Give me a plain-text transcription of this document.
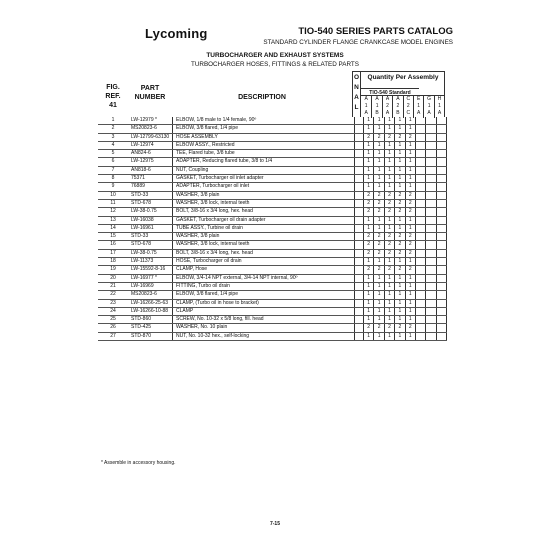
Lycoming	TIO-540 SERIES PARTS CATALOG
STANDARD CYLINDER FLANGE CRANKCASE MODEL ENGINES
TURBOCHARGER AND EXHAUST SYSTEMS
TURBOCHARGER HOSES, FITTINGS & RELATED PARTS
FIG.
REF.
41
PART
NUMBER	DESCRIPTION
O
N
A
L
Quantity Per Assembly
TIO-540 Standard
A
1
A
A
1
B
A
2
A
A
2
B
C
2
C
E
1
A
G
1
A
H
1
A
1	LW-12979 *	ELBOW, 1/8 male to 1/4 female, 90º		1	1	1	1	1			
2	MS20823-6	ELBOW, 3/8 flared, 1/4 pipe		1	1	1	1	1			
3	LW-12799-63130	HOSE ASSEMBLY		2	2	2	2	2			
4	LW-12974	ELBOW ASSY., Restricted		1	1	1	1	1			
5	AN824-6	TEE, Flared tube, 3/8 tube		1	1	1	1	1			
6	LW-12975	ADAPTER, Reducing flared tube, 3/8 to 1/4		1	1	1	1	1			
7	AN818-6	NUT, Coupling		1	1	1	1	1			
8	75371	GASKET, Turbocharger oil inlet adapter		1	1	1	1	1			
9	76889	ADAPTER, Turbocharger oil inlet		1	1	1	1	1			
10	STD-33	WASHER, 3/8 plain		2	2	2	2	2			
11	STD-678	WASHER, 3/8 lock, internal teeth		2	2	2	2	2			
12	LW-38-0.75	BOLT, 3/8-16 x 3/4 long, hex. head		2	2	2	2	2			
13	LW-16038	GASKET, Turbocharger oil drain adapter		1	1	1	1	1			
14	LW-16961	TUBE ASSY., Turbine oil drain		1	1	1	1	1			
15	STD-33	WASHER, 3/8 plain		2	2	2	2	2			
16	STD-678	WASHER, 3/8 lock, internal teeth		2	2	2	2	2			
17	LW-38-0.75	BOLT, 3/8-16 x 3/4 long, hex. head		2	2	2	2	2			
18	LW-11373	HOSE, Turbocharger oil drain		1	1	1	1	1			
19	LW-15592-8-16	CLAMP, Hose		2	2	2	2	2			
20	LW-16977 *	ELBOW, 3/4-14 NPT external, 3/4-14 NPT internal, 90º		1	1	1	1	1			
21	LW-16969	FITTING, Turbo oil drain		1	1	1	1	1			
22	MS20823-6	ELBOW, 3/8 flared, 1/4 pipe		1	1	1	1	1			
23	LW-16266-25-63	CLAMP, (Turbo oil in hose to bracket)		1	1	1	1	1			
24	LW-16266-10-88	CLAMP		1	1	1	1	1			
25	STD-860	SCREW, No. 10-32 x 5/8 long, fill. head		1	1	1	1	1			
26	STD-425	WASHER, No. 10 plain		2	2	2	2	2			
27	STD-870	NUT, No. 10-32 hex., self-locking		1	1	1	1	1			
* Assemble in accessory housing.
7-15
